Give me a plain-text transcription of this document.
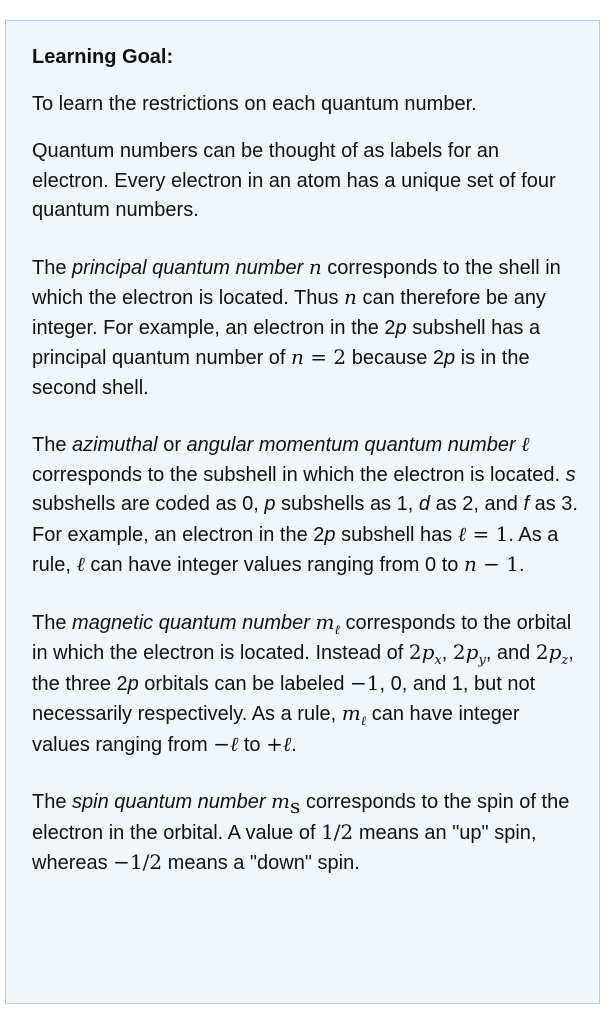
Learning Goal:
To learn the restrictions on each quantum number.
Quantum numbers can be thought of as labels for an electron. Every electron in an atom has a unique set of four quantum numbers.
The principal quantum number n corresponds to the shell in which the electron is located. Thus n can therefore be any integer. For example, an electron in the 2p subshell has a principal quantum number of n = 2 because 2p is in the second shell.
The azimuthal or angular momentum quantum number ℓ corresponds to the subshell in which the electron is located. s subshells are coded as 0, p subshells as 1, d as 2, and f as 3. For example, an electron in the 2p subshell has ℓ = 1. As a rule, ℓ can have integer values ranging from 0 to n − 1.
The magnetic quantum number $m_\ell$ corresponds to the orbital in which the electron is located. Instead of $2p_x$, $2p_y$, and $2p_z$, the three 2p orbitals can be labeled −1, 0, and 1, but not necessarily respectively. As a rule, $m_\ell$ can have integer values ranging from −ℓ to +ℓ.
The spin quantum number $m_s$ corresponds to the spin of the electron in the orbital. A value of 1/2 means an "up" spin, whereas −1/2 means a "down" spin.
